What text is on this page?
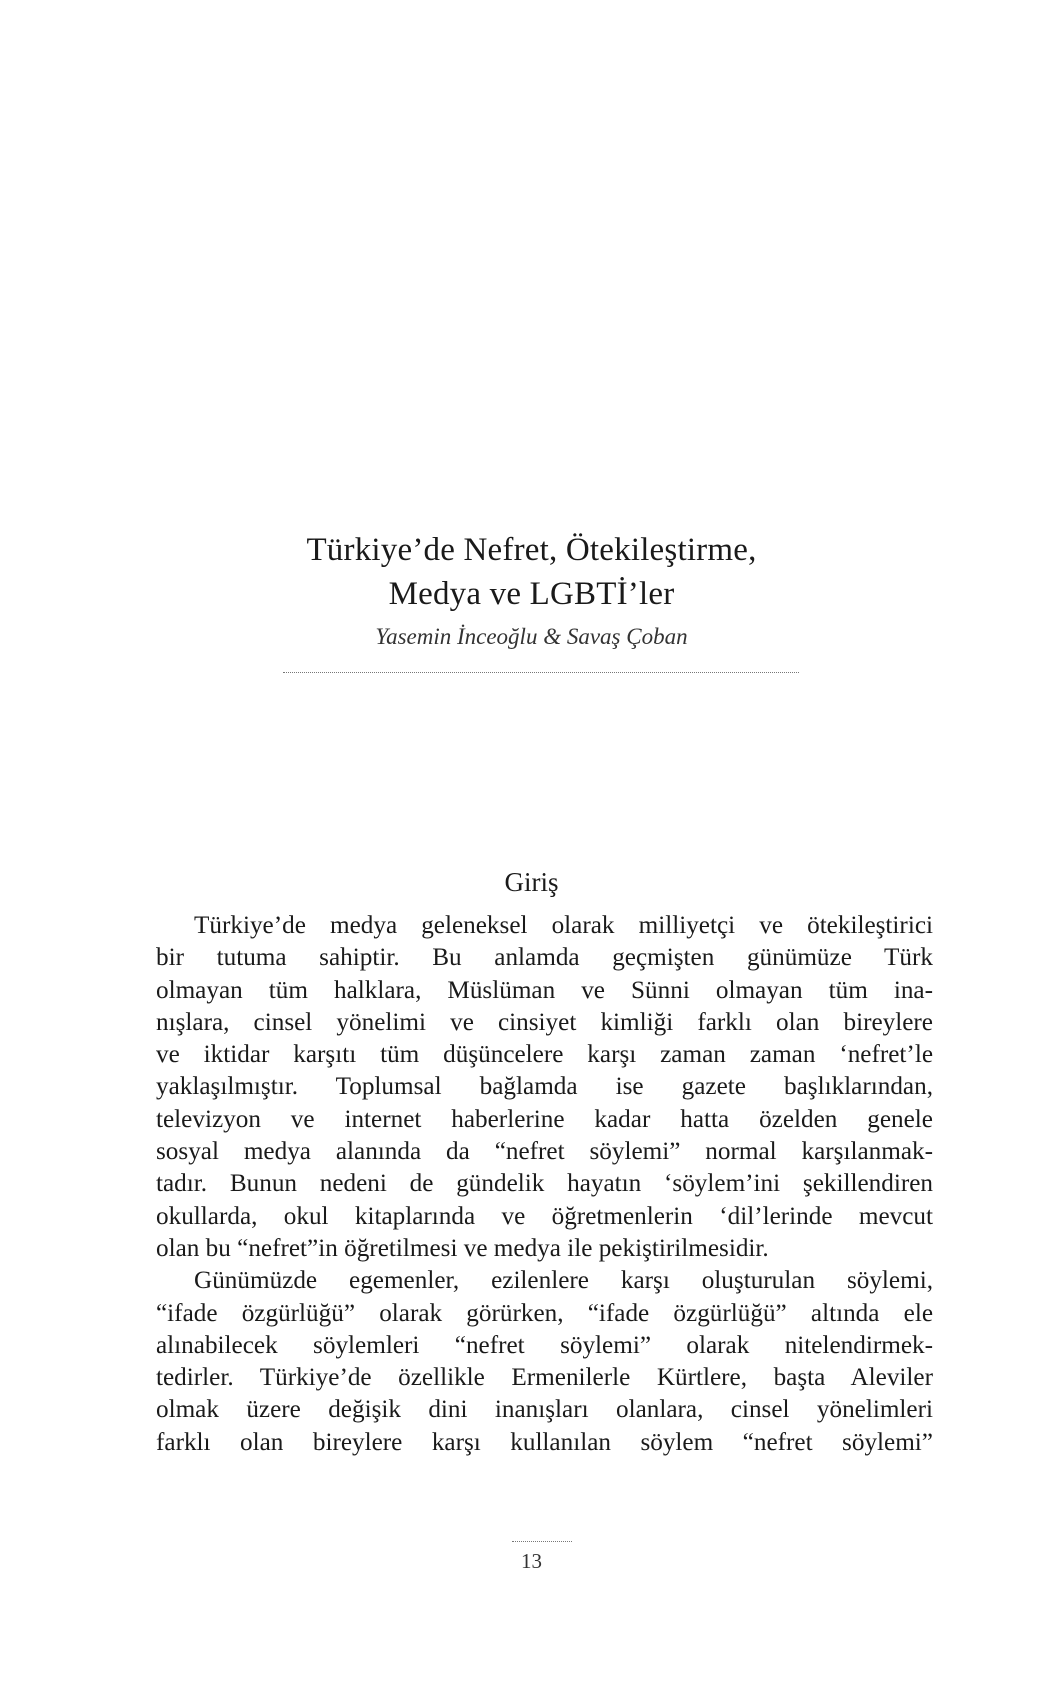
Türkiye’de Nefret, Ötekileştirme,
Medya ve LGBTİ’ler
Yasemin İnceoğlu & Savaş Çoban
Giriş
Türkiye’de medya geleneksel olarak milliyetçi ve ötekileştirici
bir tutuma sahiptir. Bu anlamda geçmişten günümüze Türk
olmayan tüm halklara, Müslüman ve Sünni olmayan tüm ina-
nışlara, cinsel yönelimi ve cinsiyet kimliği farklı olan bireylere
ve iktidar karşıtı tüm düşüncelere karşı zaman zaman ‘nefret’le
yaklaşılmıştır. Toplumsal bağlamda ise gazete başlıklarından,
televizyon ve internet haberlerine kadar hatta özelden genele
sosyal medya alanında da “nefret söylemi” normal karşılanmak-
tadır. Bunun nedeni de gündelik hayatın ‘söylem’ini şekillendiren
okullarda, okul kitaplarında ve öğretmenlerin ‘dil’lerinde mevcut
olan bu “nefret”in öğretilmesi ve medya ile pekiştirilmesidir.
Günümüzde egemenler, ezilenlere karşı oluşturulan söylemi,
“ifade özgürlüğü” olarak görürken, “ifade özgürlüğü” altında ele
alınabilecek söylemleri “nefret söylemi” olarak nitelendirmek-
tedirler. Türkiye’de özellikle Ermenilerle Kürtlere, başta Aleviler
olmak üzere değişik dini inanışları olanlara, cinsel yönelimleri
farklı olan bireylere karşı kullanılan söylem “nefret söylemi”
13
